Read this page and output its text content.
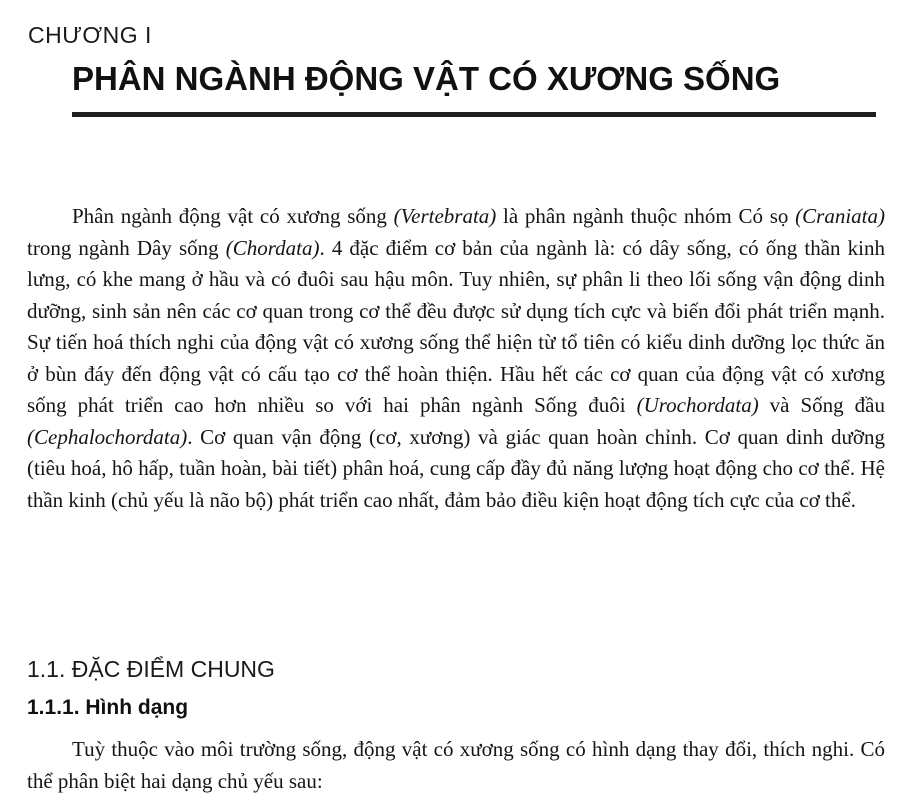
CHƯƠNG I
PHÂN NGÀNH ĐỘNG VẬT CÓ XƯƠNG SỐNG

Phân ngành động vật có xương sống (Vertebrata) là phân ngành thuộc nhóm Có sọ (Craniata) trong ngành Dây sống (Chordata). 4 đặc điểm cơ bản của ngành là: có dây sống, có ống thần kinh lưng, có khe mang ở hầu và có đuôi sau hậu môn. Tuy nhiên, sự phân li theo lối sống vận động dinh dưỡng, sinh sản nên các cơ quan trong cơ thể đều được sử dụng tích cực và biến đổi phát triển mạnh. Sự tiến hoá thích nghi của động vật có xương sống thể hiện từ tổ tiên có kiểu dinh dưỡng lọc thức ăn ở bùn đáy đến động vật có cấu tạo cơ thể hoàn thiện. Hầu hết các cơ quan của động vật có xương sống phát triển cao hơn nhiều so với hai phân ngành Sống đuôi (Urochordata) và Sống đầu (Cephalochordata). Cơ quan vận động (cơ, xương) và giác quan hoàn chỉnh. Cơ quan dinh dưỡng (tiêu hoá, hô hấp, tuần hoàn, bài tiết) phân hoá, cung cấp đầy đủ năng lượng hoạt động cho cơ thể. Hệ thần kinh (chủ yếu là não bộ) phát triển cao nhất, đảm bảo điều kiện hoạt động tích cực của cơ thể.

1.1. ĐẶC ĐIỂM CHUNG
1.1.1. Hình dạng

Tuỳ thuộc vào môi trường sống, động vật có xương sống có hình dạng thay đổi, thích nghi. Có thể phân biệt hai dạng chủ yếu sau:
